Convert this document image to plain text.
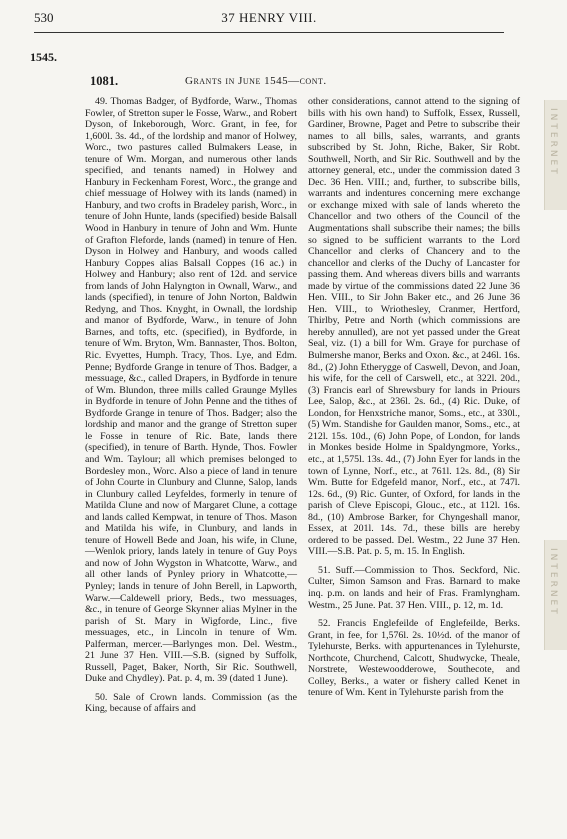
530	37 HENRY VIII.
1545.
1081.	Grants in June 1545—cont.

49. Thomas Badger, of Bydforde, Warw., Thomas Fowler, of Stretton super le Fosse, Warw., and Robert Dyson, of Inkeborough, Worc. Grant, in fee, for 1,600l. 3s. 4d., of the lordship and manor of Holwey, Worc., two pastures called Bulmakers Lease, in tenure of Wm. Morgan, and numerous other lands specified, and tenants named) in Holwey and Hanbury in Feckenham Forest, Worc., the grange and chief messuage of Holwey with its lands (named) in Hanbury, and two crofts in Bradeley parish, Worc., in tenure of John Hunte, lands (specified) beside Balsall Wood in Hanbury in tenure of John and Wm. Hunte of Grafton Fleforde, lands (named) in tenure of Hen. Dyson in Holwey and Hanbury, and woods called Hanbury Coppes alias Balsall Coppes (16 ac.) in Holwey and Hanbury; also rent of 12d. and service from lands of John Halyngton in Ownall, Warw., and lands (specified), in tenure of John Norton, Baldwin Redyng, and Thos. Knyght, in Ownall, the lordship and manor of Bydforde, Warw., in tenure of John Barnes, and tofts, etc. (specified), in Bydforde, in tenure of Wm. Bryton, Wm. Bannaster, Thos. Bolton, Ric. Evyettes, Humph. Tracy, Thos. Lye, and Edm. Penne; Bydforde Grange in tenure of Thos. Badger, a messuage, &c., called Drapers, in Bydforde in tenure of Wm. Blundon, three mills called Graunge Mylles in Bydforde in tenure of John Penne and the tithes of Bydforde Grange in tenure of Thos. Badger; also the lordship and manor and the grange of Stretton super le Fosse in tenure of Ric. Bate, lands there (specified), in tenure of Barth. Hynde, Thos. Fowler and Wm. Taylour; all which premises belonged to Bordesley mon., Worc. Also a piece of land in tenure of John Courte in Clunbury and Clunne, Salop, lands in Clunbury called Leyfeldes, formerly in tenure of Matilda Clune and now of Margaret Clune, a cottage and lands called Kempwat, in tenure of Thos. Mason and Matilda his wife, in Clunbury, and lands in tenure of Howell Bede and Joan, his wife, in Clune,—Wenlok priory, lands lately in tenure of Guy Poys and now of John Wygston in Whatcotte, Warw., and all other lands of Pynley priory in Whatcotte,—Pynley; lands in tenure of John Berell, in Lapworth, Warw.—Caldewell priory, Beds., two messuages, &c., in tenure of George Skynner alias Mylner in the parish of St. Mary in Wigforde, Linc., five messuages, etc., in Lincoln in tenure of Wm. Palferman, mercer.—Barlynges mon. Del. Westm., 21 June 37 Hen. VIII.—S.B. (signed by Suffolk, Russell, Paget, Baker, North, Sir Ric. Southwell, Duke and Chydley). Pat. p. 4, m. 39 (dated 1 June).

50. Sale of Crown lands. Commission (as the King, because of affairs and

other considerations, cannot attend to the signing of bills with his own hand) to Suffolk, Essex, Russell, Gardiner, Browne, Paget and Petre to subscribe their names to all bills, sales, warrants, and grants subscribed by St. John, Riche, Baker, Sir Robt. Southwell, North, and Sir Ric. Southwell and by the attorney general, etc., under the commission dated 3 Dec. 36 Hen. VIII.; and, further, to subscribe bills, warrants and indentures concerning mere exchange or exchange mixed with sale of lands whereto the Chancellor and two others of the Council of the Augmentations shall subscribe their names; the bills so signed to be sufficient warrants to the Lord Chancellor and clerks of Chancery and to the chancellor and clerks of the Duchy of Lancaster for passing them. And whereas divers bills and warrants made by virtue of the commissions dated 22 June 36 Hen. VIII., to Sir John Baker etc., and 26 June 36 Hen. VIII., to Wriothesley, Cranmer, Hertford, Thirlby, Petre and North (which commissions are hereby annulled), are not yet passed under the Great Seal, viz. (1) a bill for Wm. Graye for purchase of Bulmershe manor, Berks and Oxon. &c., at 246l. 16s. 8d., (2) John Etherygge of Caswell, Devon, and Joan, his wife, for the cell of Carswell, etc., at 322l. 20d., (3) Francis earl of Shrewsbury for lands in Priours Lee, Salop, &c., at 236l. 2s. 6d., (4) Ric. Duke, of London, for Henxstriche manor, Soms., etc., at 330l., (5) Wm. Standishe for Gaulden manor, Soms., etc., at 212l. 15s. 10d., (6) John Pope, of London, for lands in Monkes beside Holme in Spaldyngmore, Yorks., etc., at 1,575l. 13s. 4d., (7) John Eyer for lands in the town of Lynne, Norf., etc., at 761l. 12s. 8d., (8) Sir Wm. Butte for Edgefeld manor, Norf., etc., at 747l. 12s. 6d., (9) Ric. Gunter, of Oxford, for lands in the parish of Cleve Episcopi, Glouc., etc., at 112l. 16s. 8d., (10) Ambrose Barker, for Chyngeshall manor, Essex, at 201l. 14s. 7d., these bills are hereby ordered to be passed. Del. Westm., 22 June 37 Hen. VIII.—S.B. Pat. p. 5, m. 15. In English.

51. Suff.—Commission to Thos. Seckford, Nic. Culter, Simon Samson and Fras. Barnard to make inq. p.m. on lands and heir of Fras. Framlyngham. Westm., 25 June. Pat. 37 Hen. VIII., p. 12, m. 1d.

52. Francis Englefeilde of Englefeilde, Berks. Grant, in fee, for 1,576l. 2s. 10½d. of the manor of Tylehurste, Berks. with appurtenances in Tylehurste, Northcote, Churchend, Calcott, Shudwycke, Theale, Norstrete, Westewoodderowe, Southecote, and Colley, Berks., a water or fishery called Kenet in tenure of Wm. Kent in Tylehurste parish from the

INTERNET
INTERNET
